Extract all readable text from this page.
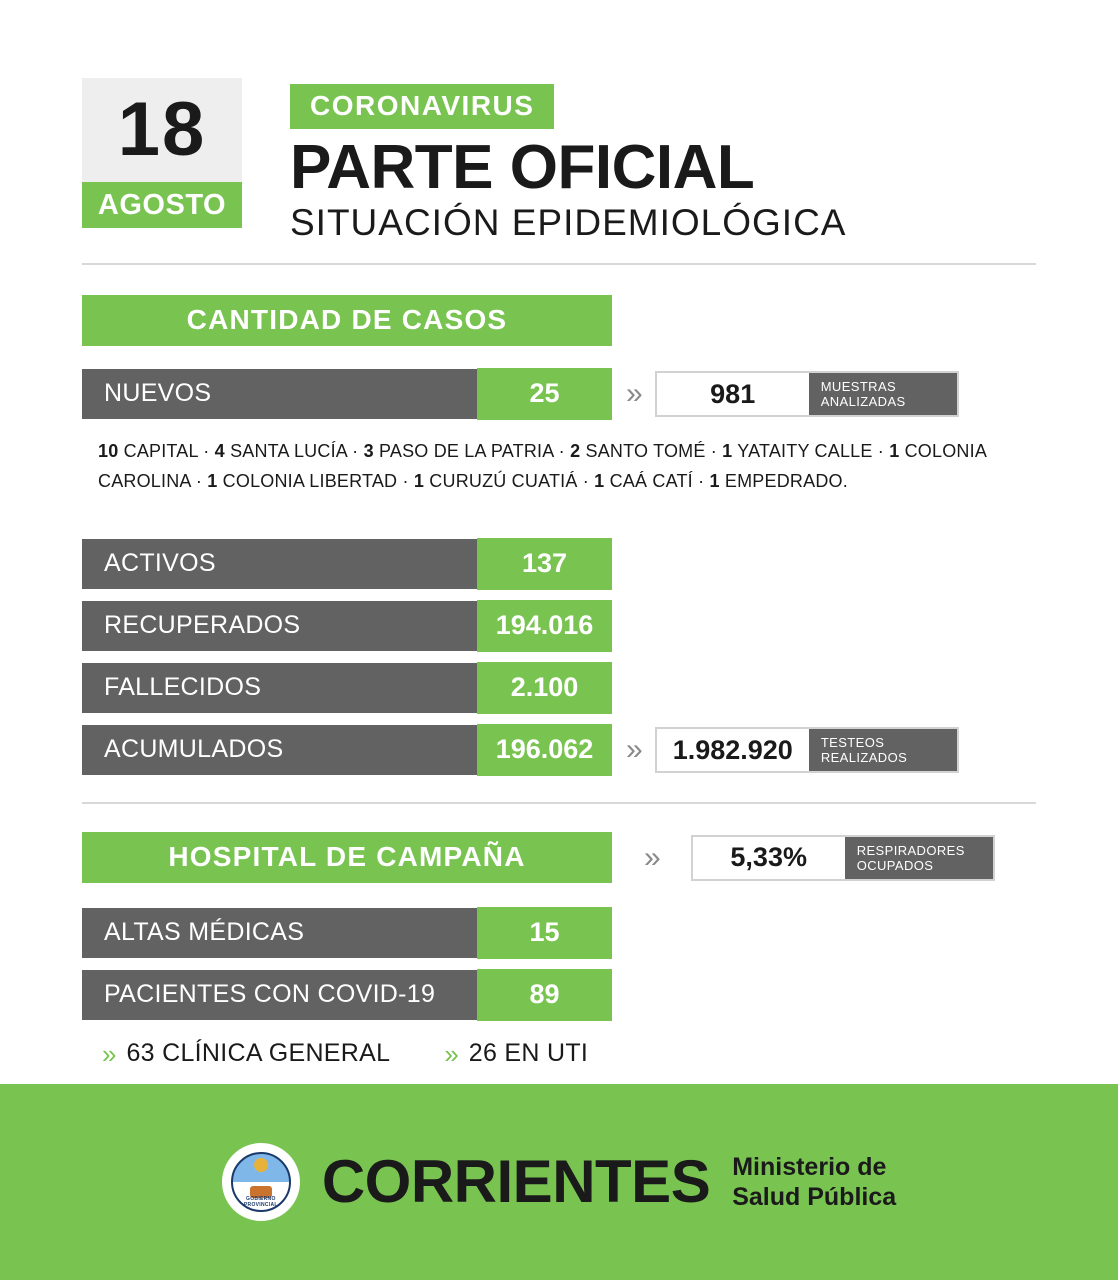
18
AGOSTO
CORONAVIRUS
PARTE OFICIAL
SITUACIÓN EPIDEMIOLÓGICA
CANTIDAD DE CASOS
NUEVOS	25	»	981	MUESTRAS
ANALIZADAS
10 CAPITAL · 4 SANTA LUCÍA · 3 PASO DE LA PATRIA · 2 SANTO TOMÉ · 1 YATAITY CALLE · 1 COLONIA CAROLINA · 1 COLONIA LIBERTAD · 1 CURUZÚ CUATIÁ · 1 CAÁ CATÍ · 1 EMPEDRADO.
ACTIVOS	137
RECUPERADOS	194.016
FALLECIDOS	2.100
ACUMULADOS	196.062	»	1.982.920	TESTEOS
REALIZADOS
HOSPITAL DE CAMPAÑA	»	5,33%	RESPIRADORES
OCUPADOS
ALTAS MÉDICAS	15
PACIENTES CON COVID-19	89
» 63 CLÍNICA GENERAL » 26 EN UTI
GOBIERNO PROVINCIAL CORRIENTES Ministerio de
Salud Pública
